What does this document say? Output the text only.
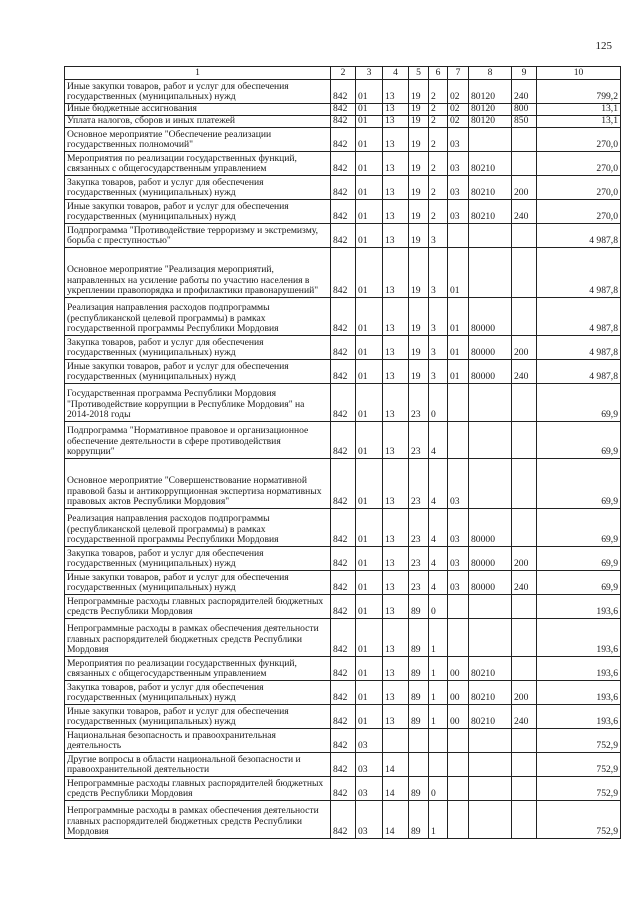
125
1	2	3	4	5	6	7	8	9	10
Иные закупки товаров, работ и услуг для обеспечения государственных (муниципальных) нужд	842	01	13	19	2	02	80120	240	799,2
Иные бюджетные ассигнования	842	01	13	19	2	02	80120	800	13,1
Уплата налогов, сборов и иных платежей	842	01	13	19	2	02	80120	850	13,1
Основное мероприятие "Обеспечение реализации государственных полномочий"	842	01	13	19	2	03			270,0
Мероприятия по реализации государственных функций, связанных с общегосударственным управлением	842	01	13	19	2	03	80210		270,0
Закупка товаров, работ и услуг для обеспечения государственных (муниципальных) нужд	842	01	13	19	2	03	80210	200	270,0
Иные закупки товаров, работ и услуг для обеспечения государственных (муниципальных) нужд	842	01	13	19	2	03	80210	240	270,0
Подпрограмма "Противодействие терроризму и экстремизму, борьба с преступностью"	842	01	13	19	3				4 987,8
Основное мероприятие "Реализация мероприятий, направленных на усиление работы по участию населения в укреплении правопорядка и профилактики правонарушений"	842	01	13	19	3	01			4 987,8
Реализация направления расходов подпрограммы (республиканской целевой программы) в рамках государственной программы Республики Мордовия	842	01	13	19	3	01	80000		4 987,8
Закупка товаров, работ и услуг для обеспечения государственных (муниципальных) нужд	842	01	13	19	3	01	80000	200	4 987,8
Иные закупки товаров, работ и услуг для обеспечения государственных (муниципальных) нужд	842	01	13	19	3	01	80000	240	4 987,8
Государственная программа Республики Мордовия "Противодействие коррупции в Республике Мордовия" на 2014-2018 годы	842	01	13	23	0				69,9
Подпрограмма "Нормативное правовое и организационное обеспечение деятельности в сфере противодействия коррупции"	842	01	13	23	4				69,9
Основное мероприятие "Совершенствование нормативной правовой базы и антикоррупционная экспертиза нормативных правовых актов Республики Мордовия"	842	01	13	23	4	03			69,9
Реализация направления расходов подпрограммы (республиканской целевой программы) в рамках государственной программы Республики Мордовия	842	01	13	23	4	03	80000		69,9
Закупка товаров, работ и услуг для обеспечения государственных (муниципальных) нужд	842	01	13	23	4	03	80000	200	69,9
Иные закупки товаров, работ и услуг для обеспечения государственных (муниципальных) нужд	842	01	13	23	4	03	80000	240	69,9
Непрограммные расходы главных распорядителей бюджетных средств Республики Мордовия	842	01	13	89	0				193,6
Непрограммные расходы в рамках обеспечения деятельности главных распорядителей бюджетных средств Республики Мордовия	842	01	13	89	1				193,6
Мероприятия по реализации государственных функций, связанных с общегосударственным управлением	842	01	13	89	1	00	80210		193,6
Закупка товаров, работ и услуг для обеспечения государственных (муниципальных) нужд	842	01	13	89	1	00	80210	200	193,6
Иные закупки товаров, работ и услуг для обеспечения государственных (муниципальных) нужд	842	01	13	89	1	00	80210	240	193,6
Национальная безопасность и правоохранительная деятельность	842	03							752,9
Другие вопросы в области национальной безопасности и правоохранительной деятельности	842	03	14						752,9
Непрограммные расходы главных распорядителей бюджетных средств Республики Мордовия	842	03	14	89	0				752,9
Непрограммные расходы в рамках обеспечения деятельности главных распорядителей бюджетных средств Республики Мордовия	842	03	14	89	1				752,9
